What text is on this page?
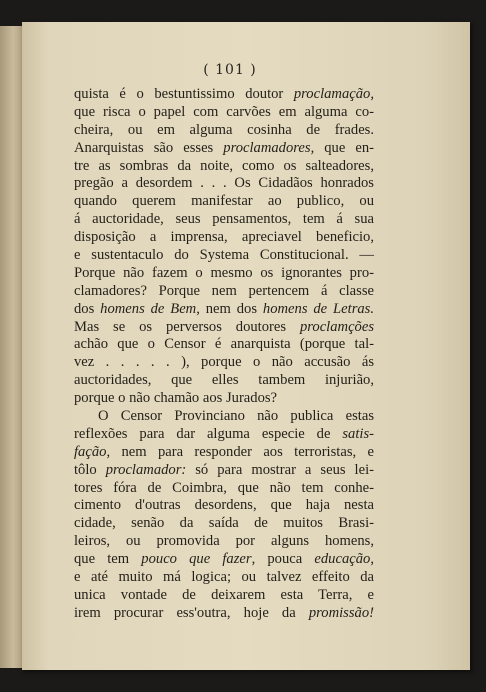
( 101 )
quista é o bestuntissimo doutor proclamação,
que risca o papel com carvões em alguma co-
cheira, ou em alguma cosinha de frades.
Anarquistas são esses proclamadores, que en-
tre as sombras da noite, como os salteadores,
pregão a desordem . . . Os Cidadãos honrados
quando querem manifestar ao publico, ou
á auctoridade, seus pensamentos, tem á sua
disposição a imprensa, apreciavel beneficio,
e sustentaculo do Systema Constitucional. —
Porque não fazem o mesmo os ignorantes pro-
clamadores? Porque nem pertencem á classe
dos homens de Bem, nem dos homens de Letras.
Mas se os perversos doutores proclamções
achão que o Censor é anarquista (porque tal-
vez . . . . . ), porque o não accusão ás
auctoridades, que elles tambem injurião,
porque o não chamão aos Jurados?
O Censor Provinciano não publica estas
reflexões para dar alguma especie de satis-
fação, nem para responder aos terroristas, e
tôlo proclamador: só para mostrar a seus lei-
tores fóra de Coimbra, que não tem conhe-
cimento d'outras desordens, que haja nesta
cidade, senão da saída de muitos Brasi-
leiros, ou promovida por alguns homens,
que tem pouco que fazer, pouca educação,
e até muito má logica; ou talvez effeito da
unica vontade de deixarem esta Terra, e
irem procurar ess'outra, hoje da promissão!
